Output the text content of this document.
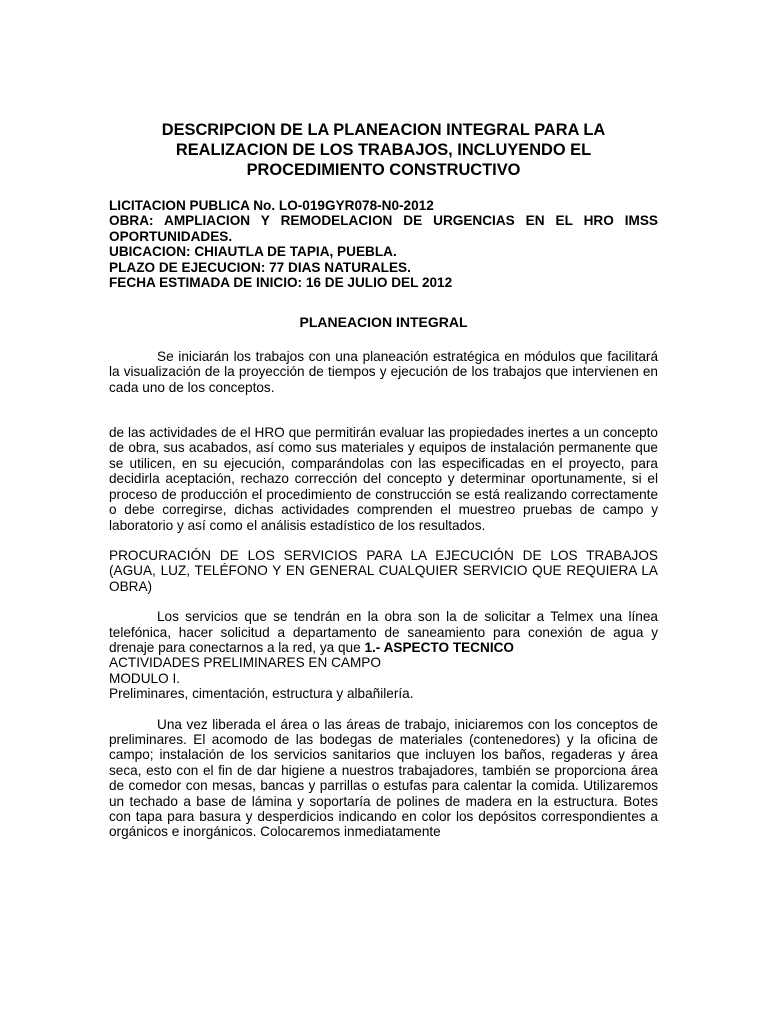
DESCRIPCION DE LA PLANEACION INTEGRAL PARA LA REALIZACION DE LOS TRABAJOS, INCLUYENDO EL PROCEDIMIENTO CONSTRUCTIVO
LICITACION PUBLICA No. LO-019GYR078-N0-2012
OBRA: AMPLIACION Y REMODELACION DE URGENCIAS EN EL HRO IMSS OPORTUNIDADES.
UBICACION: CHIAUTLA DE TAPIA, PUEBLA.
PLAZO DE EJECUCION: 77 DIAS NATURALES.
FECHA ESTIMADA DE INICIO: 16 DE JULIO DEL 2012
PLANEACION INTEGRAL

Se iniciarán los trabajos con una planeación estratégica en módulos que facilitará la visualización de la proyección de tiempos y ejecución de los trabajos que intervienen en cada uno de los conceptos.

de las actividades de el HRO que permitirán evaluar las propiedades inertes a un concepto de obra, sus acabados, así como sus materiales y equipos de instalación permanente que se utilicen, en su ejecución, comparándolas con las especificadas en el proyecto, para decidirla aceptación, rechazo corrección del concepto y determinar oportunamente, si el proceso de producción el procedimiento de construcción se está realizando correctamente o debe corregirse, dichas actividades comprenden el muestreo pruebas de campo y laboratorio y así como el análisis estadístico de los resultados.

PROCURACIÓN DE LOS SERVICIOS PARA LA EJECUCIÓN DE LOS TRABAJOS (AGUA, LUZ, TELÉFONO Y EN GENERAL CUALQUIER SERVICIO QUE REQUIERA LA OBRA)

Los servicios que se tendrán en la obra son la de solicitar a Telmex una línea telefónica, hacer solicitud a departamento de saneamiento para conexión de agua y drenaje para conectarnos a la red, ya que 1.- ASPECTO TECNICO

ACTIVIDADES PRELIMINARES EN CAMPO
MODULO I.
Preliminares, cimentación, estructura y albañilería.

Una vez liberada el área o las áreas de trabajo, iniciaremos con los conceptos de preliminares. El acomodo de las bodegas de materiales (contenedores) y la oficina de campo; instalación de los servicios sanitarios que incluyen los baños, regaderas y área seca, esto con el fin de dar higiene a nuestros trabajadores, también se proporciona área de comedor con mesas, bancas y parrillas o estufas para calentar la comida. Utilizaremos un techado a base de lámina y soportaría de polines de madera en la estructura. Botes con tapa para basura y desperdicios indicando en color los depósitos correspondientes a orgánicos e inorgánicos. Colocaremos inmediatamente
